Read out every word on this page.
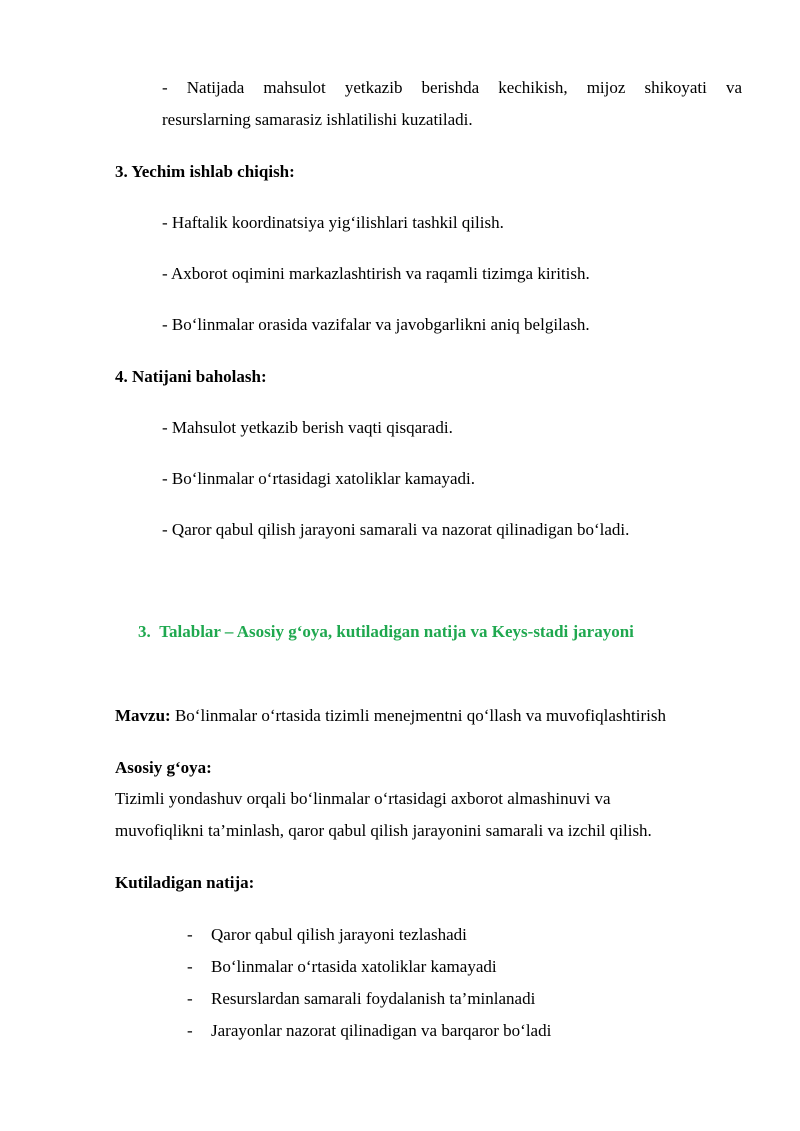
- Natijada mahsulot yetkazib berishda kechikish, mijoz shikoyati va
resurslarning samarasiz ishlatilishi kuzatiladi.
3. Yechim ishlab chiqish:
- Haftalik koordinatsiya yig‘ilishlari tashkil qilish.
- Axborot oqimini markazlashtirish va raqamli tizimga kiritish.
- Bo‘linmalar orasida vazifalar va javobgarlikni aniq belgilash.
4. Natijani baholash:
- Mahsulot yetkazib berish vaqti qisqaradi.
- Bo‘linmalar o‘rtasidagi xatoliklar kamayadi.
- Qaror qabul qilish jarayoni samarali va nazorat qilinadigan bo‘ladi.
3. Talablar – Asosiy g‘oya, kutiladigan natija va Keys-stadi jarayoni
Mavzu: Bo‘linmalar o‘rtasida tizimli menejmentni qo‘llash va muvofiqlashtirish
Asosiy g‘oya:
Tizimli yondashuv orqali bo‘linmalar o‘rtasidagi axborot almashinuvi va
muvofiqlikni ta’minlash, qaror qabul qilish jarayonini samarali va izchil qilish.
Kutiladigan natija:
- Qaror qabul qilish jarayoni tezlashadi
- Bo‘linmalar o‘rtasida xatoliklar kamayadi
- Resurslardan samarali foydalanish ta’minlanadi
- Jarayonlar nazorat qilinadigan va barqaror bo‘ladi
